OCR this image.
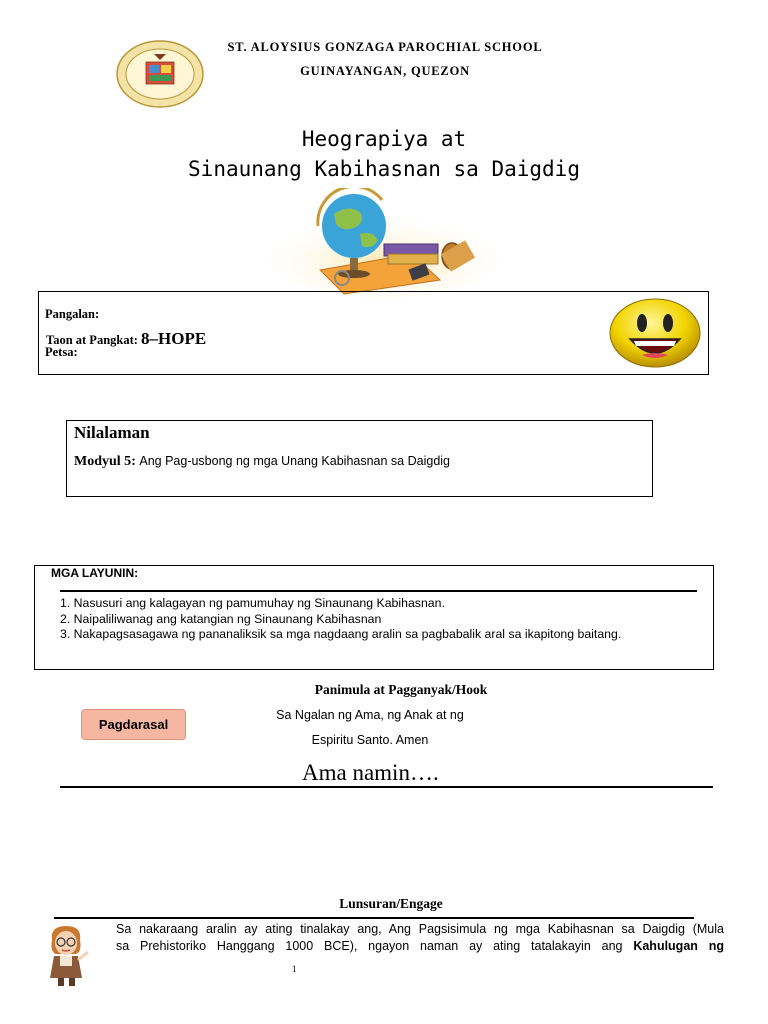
ST. ALOYSIUS GONZAGA PAROCHIAL SCHOOL
GUINAYANGAN, QUEZON
Heograpiya at
Sinaunang Kabihasnan sa Daigdig
Pangalan:
Taon at Pangkat: 8–HOPE
Petsa:
Nilalaman
Modyul 5: Ang Pag-usbong ng mga Unang Kabihasnan sa Daigdig
MGA LAYUNIN:
1. Nasusuri ang kalagayan ng pamumuhay ng Sinaunang Kabihasnan.
2. Naipaliliwanag ang katangian ng Sinaunang Kabihasnan
3. Nakapagsasagawa ng pananaliksik sa mga nagdaang aralin sa pagbabalik aral sa ikapitong baitang.
Panimula at Pagganyak/Hook
Pagdarasal
Sa Ngalan ng Ama, ng Anak at ng
Espiritu Santo. Amen
Ama namin….
Lunsuran/Engage
Sa nakaraang aralin ay ating tinalakay ang, Ang Pagsisimula ng mga Kabihasnan sa Daigdig (Mula
sa Prehistoriko Hanggang 1000 BCE), ngayon naman ay ating tatalakayin ang Kahulugan ng
1
